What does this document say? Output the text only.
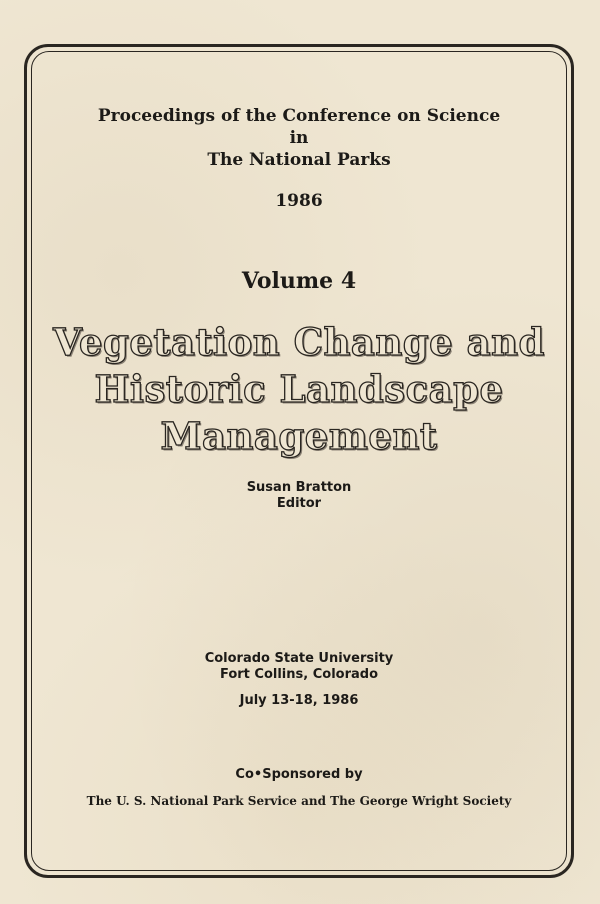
Proceedings of the Conference on Science
in
The National Parks
1986
Volume 4
Vegetation Change and
Historic Landscape
Management
Susan Bratton
Editor
Colorado State University
Fort Collins, Colorado
July 13-18, 1986
Co•Sponsored by
The U. S. National Park Service and The George Wright Society
